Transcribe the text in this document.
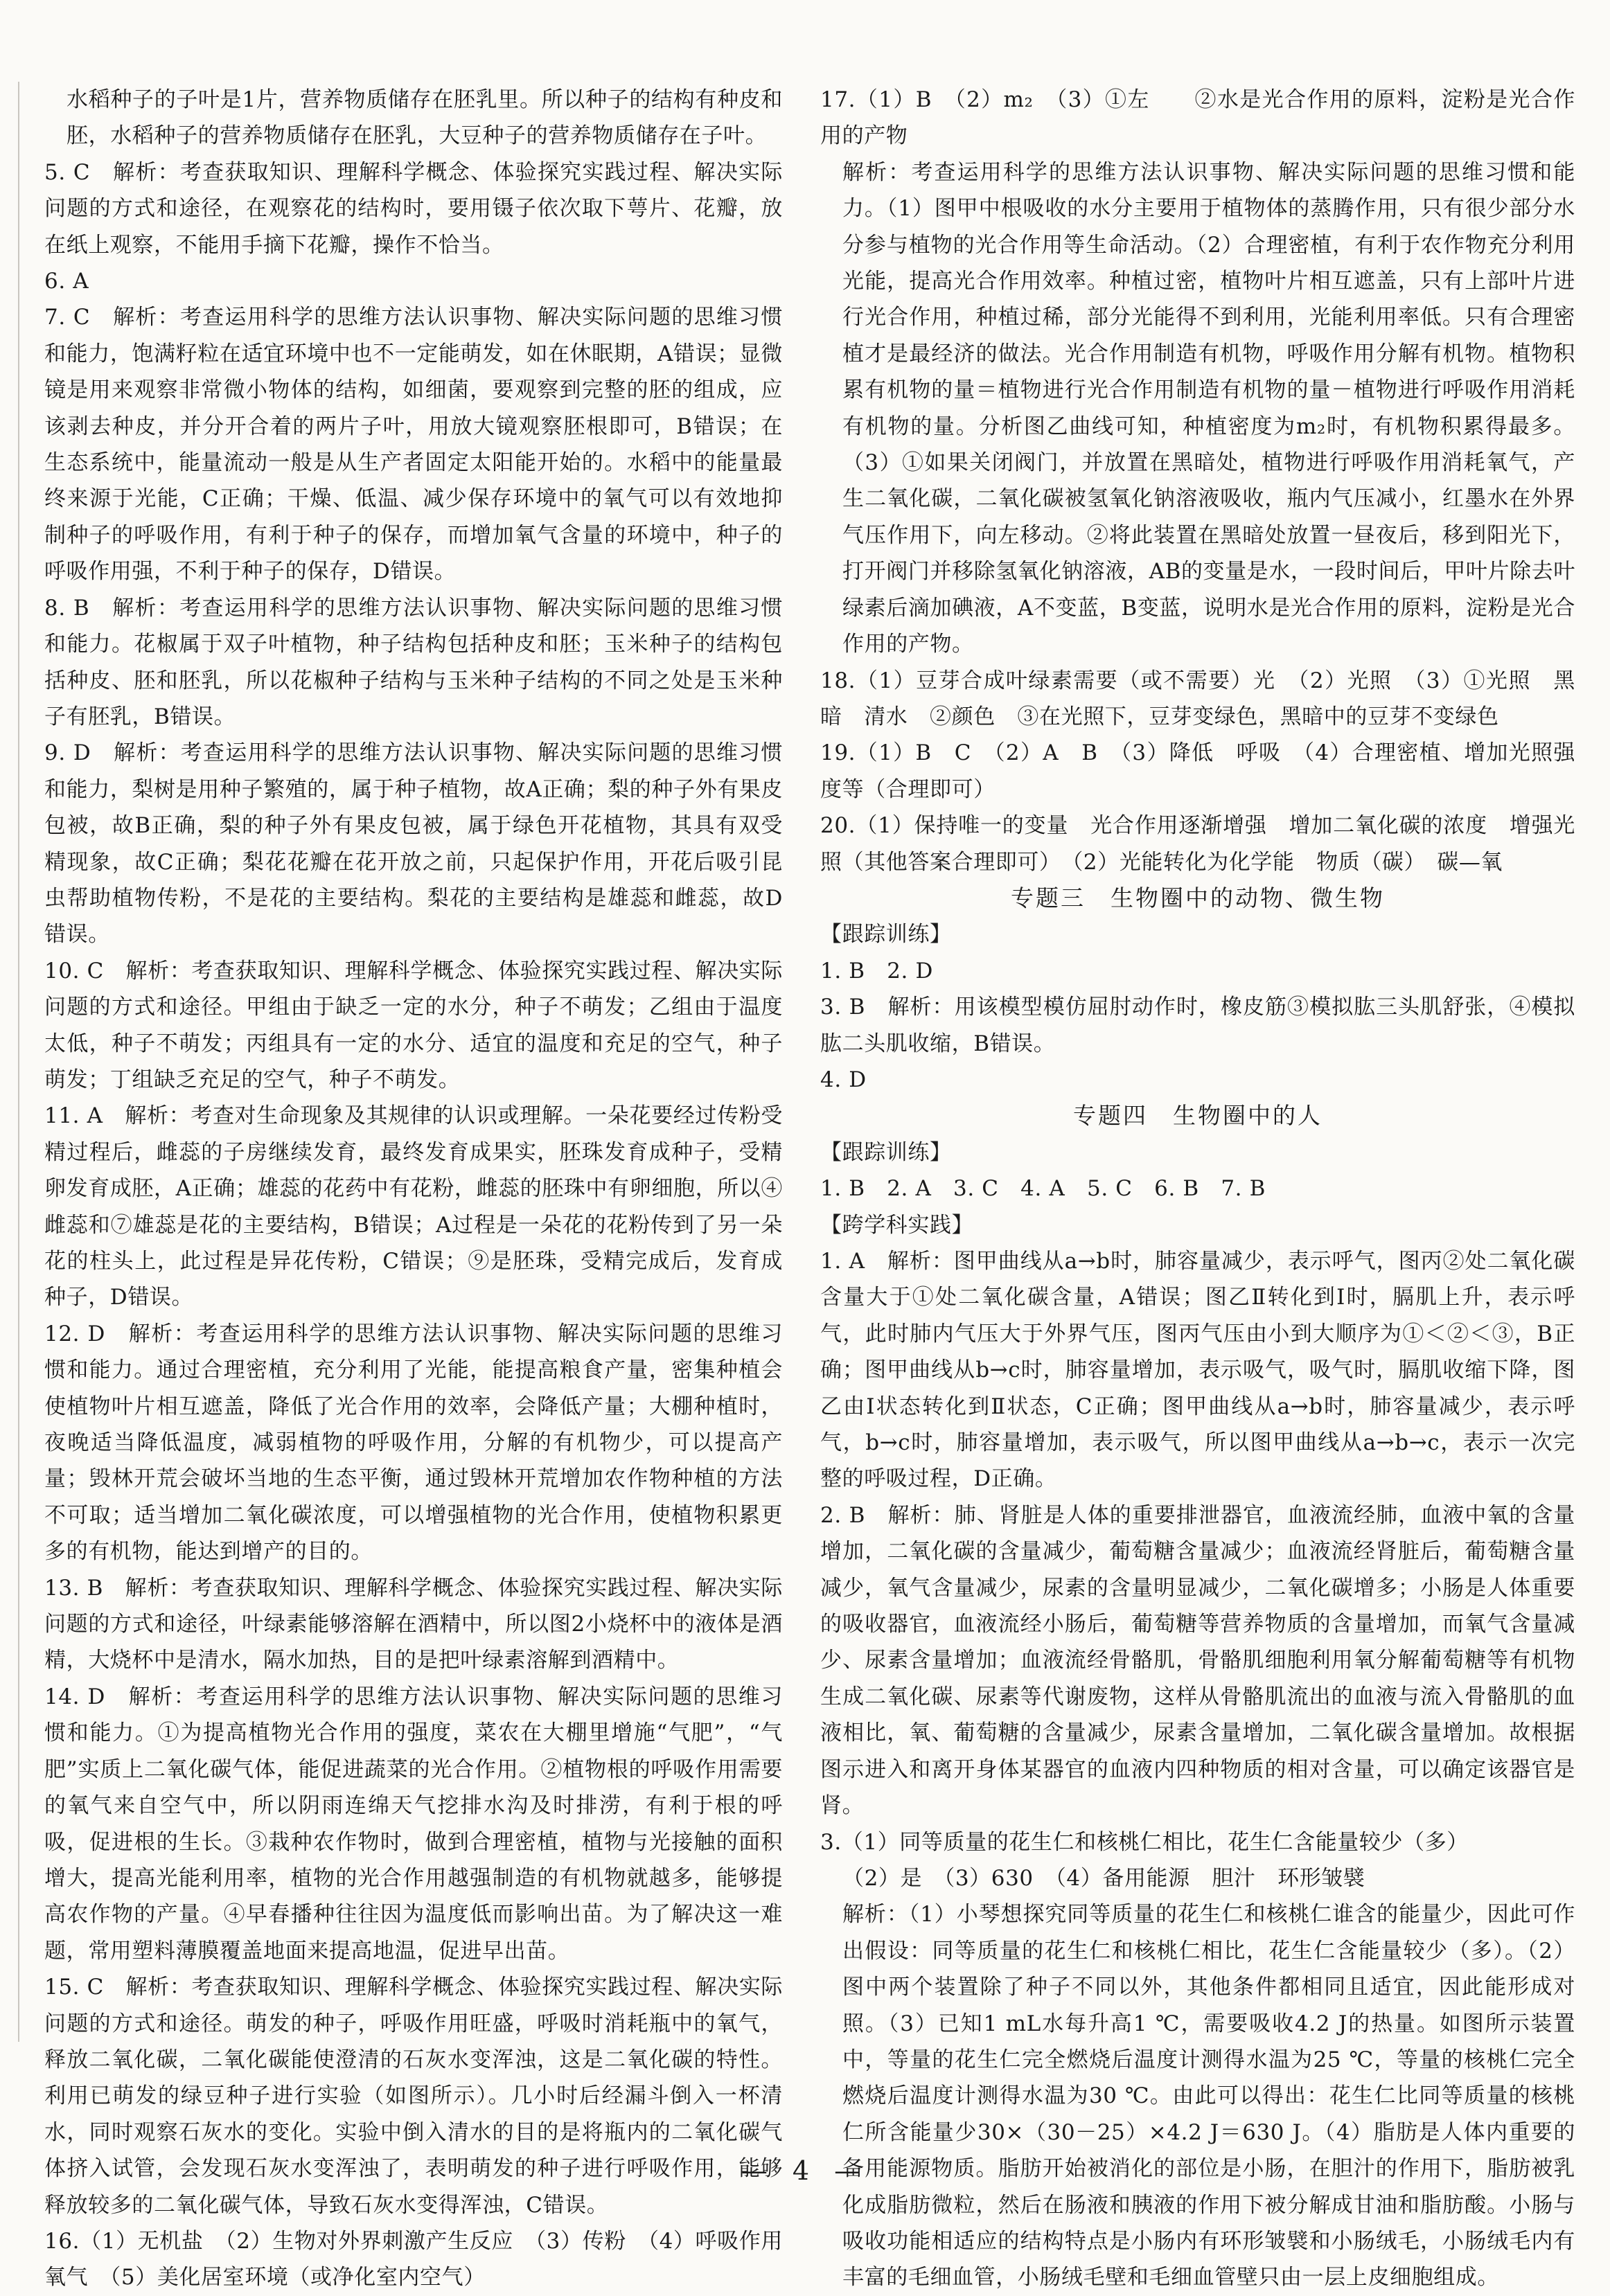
水稻种子的子叶是1片，营养物质储存在胚乳里。所以种子的结构有种皮和胚，水稻种子的营养物质储存在胚乳，大豆种子的营养物质储存在子叶。

5. C　解析：考查获取知识、理解科学概念、体验探究实践过程、解决实际问题的方式和途径，在观察花的结构时，要用镊子依次取下萼片、花瓣，放在纸上观察，不能用手摘下花瓣，操作不恰当。

6. A

7. C　解析：考查运用科学的思维方法认识事物、解决实际问题的思维习惯和能力，饱满籽粒在适宜环境中也不一定能萌发，如在休眠期，A错误；显微镜是用来观察非常微小物体的结构，如细菌，要观察到完整的胚的组成，应该剥去种皮，并分开合着的两片子叶，用放大镜观察胚根即可，B错误；在生态系统中，能量流动一般是从生产者固定太阳能开始的。水稻中的能量最终来源于光能，C正确；干燥、低温、减少保存环境中的氧气可以有效地抑制种子的呼吸作用，有利于种子的保存，而增加氧气含量的环境中，种子的呼吸作用强，不利于种子的保存，D错误。

8. B　解析：考查运用科学的思维方法认识事物、解决实际问题的思维习惯和能力。花椒属于双子叶植物，种子结构包括种皮和胚；玉米种子的结构包括种皮、胚和胚乳，所以花椒种子结构与玉米种子结构的不同之处是玉米种子有胚乳，B错误。

9. D　解析：考查运用科学的思维方法认识事物、解决实际问题的思维习惯和能力，梨树是用种子繁殖的，属于种子植物，故A正确；梨的种子外有果皮包被，故B正确，梨的种子外有果皮包被，属于绿色开花植物，其具有双受精现象，故C正确；梨花花瓣在花开放之前，只起保护作用，开花后吸引昆虫帮助植物传粉，不是花的主要结构。梨花的主要结构是雄蕊和雌蕊，故D错误。

10. C　解析：考查获取知识、理解科学概念、体验探究实践过程、解决实际问题的方式和途径。甲组由于缺乏一定的水分，种子不萌发；乙组由于温度太低，种子不萌发；丙组具有一定的水分、适宜的温度和充足的空气，种子萌发；丁组缺乏充足的空气，种子不萌发。

11. A　解析：考查对生命现象及其规律的认识或理解。一朵花要经过传粉受精过程后，雌蕊的子房继续发育，最终发育成果实，胚珠发育成种子，受精卵发育成胚，A正确；雄蕊的花药中有花粉，雌蕊的胚珠中有卵细胞，所以④雌蕊和⑦雄蕊是花的主要结构，B错误；A过程是一朵花的花粉传到了另一朵花的柱头上，此过程是异花传粉，C错误；⑨是胚珠，受精完成后，发育成种子，D错误。

12. D　解析：考查运用科学的思维方法认识事物、解决实际问题的思维习惯和能力。通过合理密植，充分利用了光能，能提高粮食产量，密集种植会使植物叶片相互遮盖，降低了光合作用的效率，会降低产量；大棚种植时，夜晚适当降低温度，减弱植物的呼吸作用，分解的有机物少，可以提高产量；毁林开荒会破坏当地的生态平衡，通过毁林开荒增加农作物种植的方法不可取；适当增加二氧化碳浓度，可以增强植物的光合作用，使植物积累更多的有机物，能达到增产的目的。

13. B　解析：考查获取知识、理解科学概念、体验探究实践过程、解决实际问题的方式和途径，叶绿素能够溶解在酒精中，所以图2小烧杯中的液体是酒精，大烧杯中是清水，隔水加热，目的是把叶绿素溶解到酒精中。

14. D　解析：考查运用科学的思维方法认识事物、解决实际问题的思维习惯和能力。①为提高植物光合作用的强度，菜农在大棚里增施“气肥”，“气肥”实质上二氧化碳气体，能促进蔬菜的光合作用。②植物根的呼吸作用需要的氧气来自空气中，所以阴雨连绵天气挖排水沟及时排涝，有利于根的呼吸，促进根的生长。③栽种农作物时，做到合理密植，植物与光接触的面积增大，提高光能利用率，植物的光合作用越强制造的有机物就越多，能够提高农作物的产量。④早春播种往往因为温度低而影响出苗。为了解决这一难题，常用塑料薄膜覆盖地面来提高地温，促进早出苗。

15. C　解析：考查获取知识、理解科学概念、体验探究实践过程、解决实际问题的方式和途径。萌发的种子，呼吸作用旺盛，呼吸时消耗瓶中的氧气，释放二氧化碳，二氧化碳能使澄清的石灰水变浑浊，这是二氧化碳的特性。利用已萌发的绿豆种子进行实验（如图所示）。几小时后经漏斗倒入一杯清水，同时观察石灰水的变化。实验中倒入清水的目的是将瓶内的二氧化碳气体挤入试管，会发现石灰水变浑浊了，表明萌发的种子进行呼吸作用，能够释放较多的二氧化碳气体，导致石灰水变得浑浊，C错误。

16.（1）无机盐　（2）生物对外界刺激产生反应　（3）传粉　（4）呼吸作用　氧气　（5）美化居室环境（或净化室内空气）

17.（1）B　（2）m₂　（3）①左　　②水是光合作用的原料，淀粉是光合作用的产物

解析：考查运用科学的思维方法认识事物、解决实际问题的思维习惯和能力。（1）图甲中根吸收的水分主要用于植物体的蒸腾作用，只有很少部分水分参与植物的光合作用等生命活动。（2）合理密植，有利于农作物充分利用光能，提高光合作用效率。种植过密，植物叶片相互遮盖，只有上部叶片进行光合作用，种植过稀，部分光能得不到利用，光能利用率低。只有合理密植才是最经济的做法。光合作用制造有机物，呼吸作用分解有机物。植物积累有机物的量＝植物进行光合作用制造有机物的量－植物进行呼吸作用消耗有机物的量。分析图乙曲线可知，种植密度为m₂时，有机物积累得最多。（3）①如果关闭阀门，并放置在黑暗处，植物进行呼吸作用消耗氧气，产生二氧化碳，二氧化碳被氢氧化钠溶液吸收，瓶内气压减小，红墨水在外界气压作用下，向左移动。②将此装置在黑暗处放置一昼夜后，移到阳光下，打开阀门并移除氢氧化钠溶液，AB的变量是水，一段时间后，甲叶片除去叶绿素后滴加碘液，A不变蓝，B变蓝，说明水是光合作用的原料，淀粉是光合作用的产物。

18.（1）豆芽合成叶绿素需要（或不需要）光　（2）光照　（3）①光照　黑暗　清水　②颜色　③在光照下，豆芽变绿色，黑暗中的豆芽不变绿色

19.（1）B　C　（2）A　B　（3）降低　呼吸　（4）合理密植、增加光照强度等（合理即可）

20.（1）保持唯一的变量　光合作用逐渐增强　增加二氧化碳的浓度　增强光照（其他答案合理即可）　（2）光能转化为化学能　物质（碳）　碳—氧

专题三　生物圈中的动物、微生物

【跟踪训练】

1. B　2. D

3. B　解析：用该模型模仿屈肘动作时，橡皮筋③模拟肱三头肌舒张，④模拟肱二头肌收缩，B错误。

4. D

专题四　生物圈中的人

【跟踪训练】

1. B　2. A　3. C　4. A　5. C　6. B　7. B

【跨学科实践】

1. A　解析：图甲曲线从a→b时，肺容量减少，表示呼气，图丙②处二氧化碳含量大于①处二氧化碳含量，A错误；图乙Ⅱ转化到Ⅰ时，膈肌上升，表示呼气，此时肺内气压大于外界气压，图丙气压由小到大顺序为①＜②＜③，B正确；图甲曲线从b→c时，肺容量增加，表示吸气，吸气时，膈肌收缩下降，图乙由Ⅰ状态转化到Ⅱ状态，C正确；图甲曲线从a→b时，肺容量减少，表示呼气，b→c时，肺容量增加，表示吸气，所以图甲曲线从a→b→c，表示一次完整的呼吸过程，D正确。

2. B　解析：肺、肾脏是人体的重要排泄器官，血液流经肺，血液中氧的含量增加，二氧化碳的含量减少，葡萄糖含量减少；血液流经肾脏后，葡萄糖含量减少，氧气含量减少，尿素的含量明显减少，二氧化碳增多；小肠是人体重要的吸收器官，血液流经小肠后，葡萄糖等营养物质的含量增加，而氧气含量减少、尿素含量增加；血液流经骨骼肌，骨骼肌细胞利用氧分解葡萄糖等有机物生成二氧化碳、尿素等代谢废物，这样从骨骼肌流出的血液与流入骨骼肌的血液相比，氧、葡萄糖的含量减少，尿素含量增加，二氧化碳含量增加。故根据图示进入和离开身体某器官的血液内四种物质的相对含量，可以确定该器官是肾。

3.（1）同等质量的花生仁和核桃仁相比，花生仁含能量较少（多）

（2）是　（3）630　（4）备用能源　胆汁　环形皱襞

解析：（1）小琴想探究同等质量的花生仁和核桃仁谁含的能量少，因此可作出假设：同等质量的花生仁和核桃仁相比，花生仁含能量较少（多）。（2）图中两个装置除了种子不同以外，其他条件都相同且适宜，因此能形成对照。（3）已知1 mL水每升高1 ℃，需要吸收4.2 J的热量。如图所示装置中，等量的花生仁完全燃烧后温度计测得水温为25 ℃，等量的核桃仁完全燃烧后温度计测得水温为30 ℃。由此可以得出：花生仁比同等质量的核桃仁所含能量少30×（30－25）×4.2 J＝630 J。（4）脂肪是人体内重要的备用能源物质。脂肪开始被消化的部位是小肠，在胆汁的作用下，脂肪被乳化成脂肪微粒，然后在肠液和胰液的作用下被分解成甘油和脂肪酸。小肠与吸收功能相适应的结构特点是小肠内有环形皱襞和小肠绒毛，小肠绒毛内有丰富的毛细血管，小肠绒毛壁和毛细血管壁只由一层上皮细胞组成。

— 4 —
